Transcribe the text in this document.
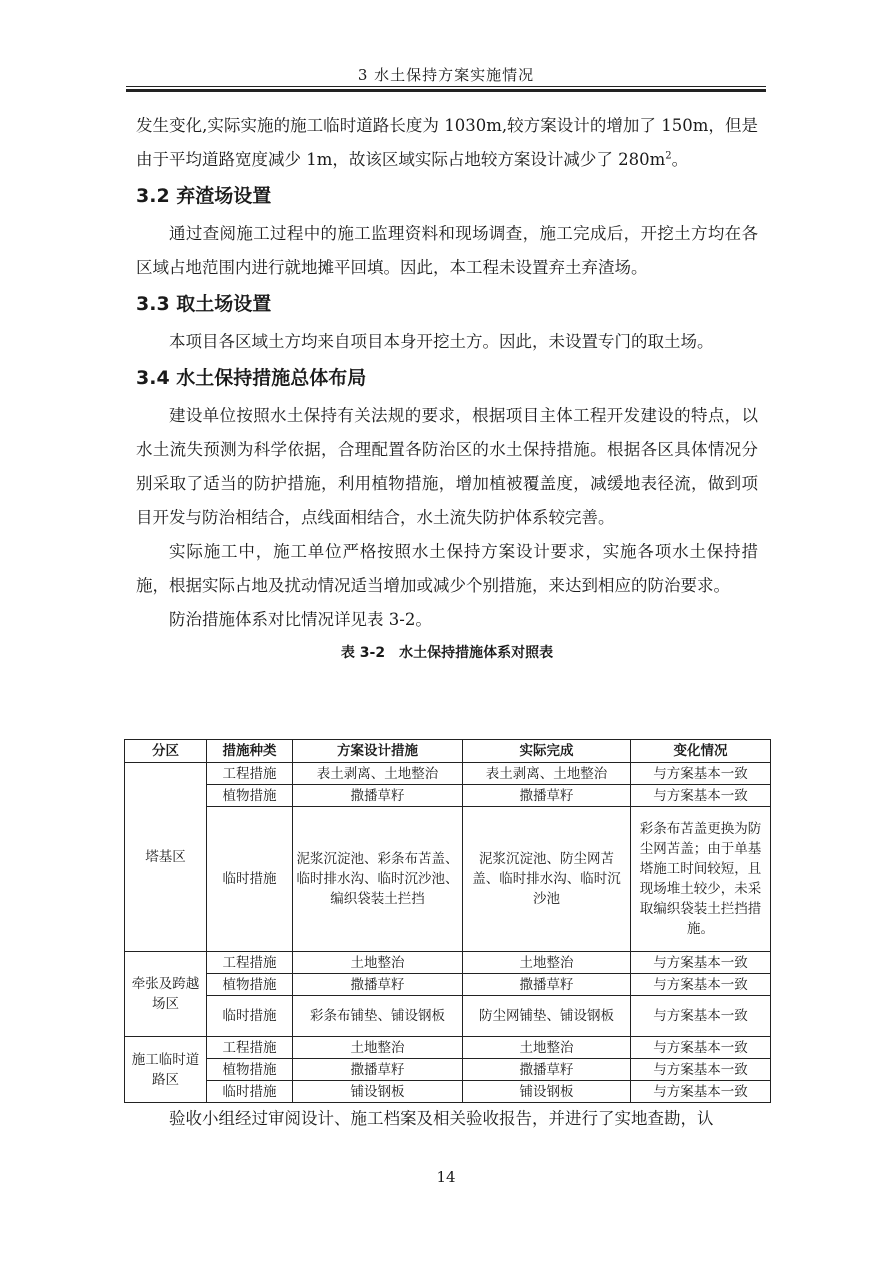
3 水土保持方案实施情况

发生变化,实际实施的施工临时道路长度为 1030m,较方案设计的增加了 150m，但是由于平均道路宽度减少 1m，故该区域实际占地较方案设计减少了 $280m^2$。

3.2 弃渣场设置

通过查阅施工过程中的施工监理资料和现场调查，施工完成后，开挖土方均在各区域占地范围内进行就地摊平回填。因此，本工程未设置弃土弃渣场。

3.3 取土场设置

本项目各区域土方均来自项目本身开挖土方。因此，未设置专门的取土场。

3.4 水土保持措施总体布局

建设单位按照水土保持有关法规的要求，根据项目主体工程开发建设的特点，以水土流失预测为科学依据，合理配置各防治区的水土保持措施。根据各区具体情况分别采取了适当的防护措施，利用植物措施，增加植被覆盖度，减缓地表径流，做到项目开发与防治相结合，点线面相结合，水土流失防护体系较完善。

实际施工中，施工单位严格按照水土保持方案设计要求，实施各项水土保持措施，根据实际占地及扰动情况适当增加或减少个别措施，来达到相应的防治要求。

防治措施体系对比情况详见表 3-2。

表 3-2　水土保持措施体系对照表
分区	措施种类	方案设计措施	实际完成	变化情况
塔基区	工程措施	表土剥离、土地整治	表土剥离、土地整治	与方案基本一致
	植物措施	撒播草籽	撒播草籽	与方案基本一致
	临时措施	泥浆沉淀池、彩条布苫盖、临时排水沟、临时沉沙池、编织袋装土拦挡	泥浆沉淀池、防尘网苫盖、临时排水沟、临时沉沙池	彩条布苫盖更换为防尘网苫盖；由于单基塔施工时间较短，且现场堆土较少，未采取编织袋装土拦挡措施。
牵张及跨越场区	工程措施	土地整治	土地整治	与方案基本一致
	植物措施	撒播草籽	撒播草籽	与方案基本一致
	临时措施	彩条布铺垫、铺设钢板	防尘网铺垫、铺设钢板	与方案基本一致
施工临时道路区	工程措施	土地整治	土地整治	与方案基本一致
	植物措施	撒播草籽	撒播草籽	与方案基本一致
	临时措施	铺设钢板	铺设钢板	与方案基本一致

验收小组经过审阅设计、施工档案及相关验收报告，并进行了实地查勘，认

14
